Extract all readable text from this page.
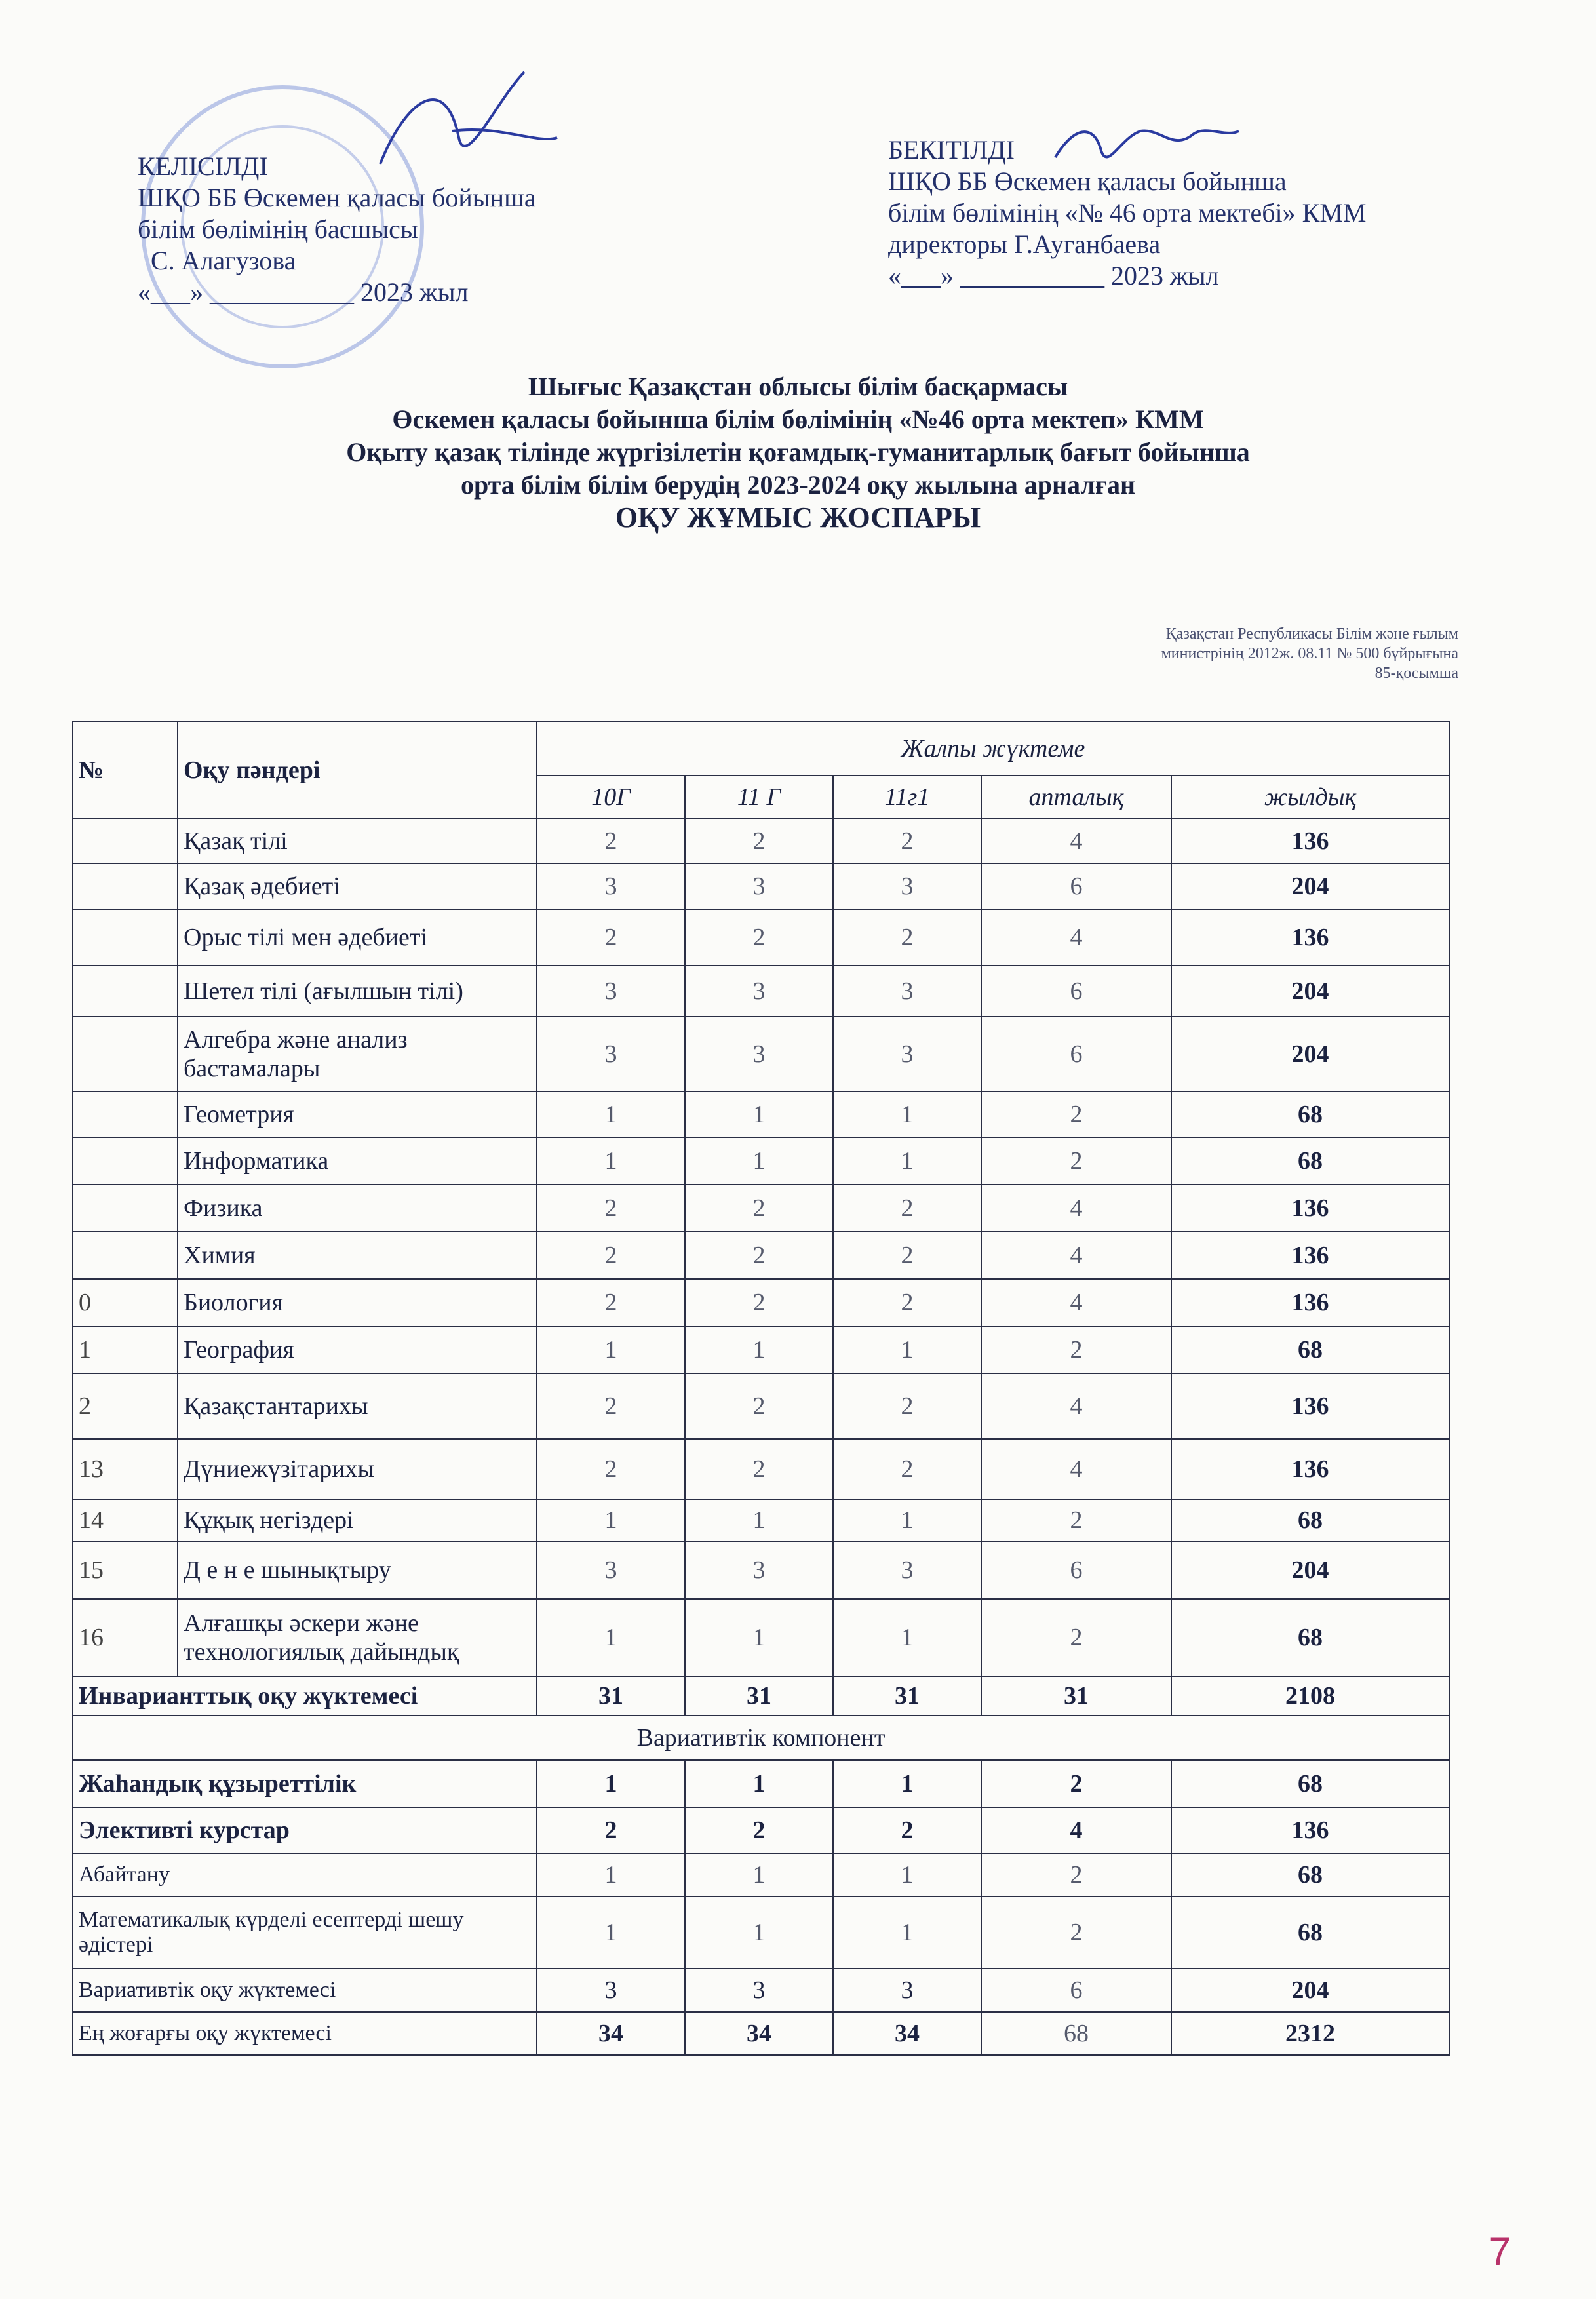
КЕЛІСІЛДІ
ШҚО ББ Өскемен қаласы бойынша
білім бөлімінің басшысы
С. Алагузова
«___» ___________ 2023 жыл
БЕКІТІЛДІ
ШҚО ББ Өскемен қаласы бойынша
білім бөлімінің «№ 46 орта мектебі» КММ
директоры Г.Ауганбаева
«___» ___________ 2023 жыл
Шығыс Қазақстан облысы білім басқармасы
Өскемен қаласы бойынша білім бөлімінің «№46 орта мектеп» КММ
Оқыту қазақ тілінде жүргізілетін қоғамдық-гуманитарлық бағыт бойынша
орта білім білім берудің 2023-2024 оқу жылына арналған
ОҚУ ЖҰМЫС ЖОСПАРЫ
Қазақстан Республикасы Білім және ғылым
министрінің 2012ж. 08.11 № 500 бұйрығына
85-қосымша
№	Оқу пәндері	Жалпы жүктеме				
		10Г	11 Г	11г1	апталық	жылдық
	Қазақ тілі	2	2	2	4	136
	Қазақ әдебиеті	3	3	3	6	204
	Орыс тілі мен әдебиеті	2	2	2	4	136
	Шетел тілі (ағылшын тілі)	3	3	3	6	204
	Алгебра және анализ бастамалары	3	3	3	6	204
	Геометрия	1	1	1	2	68
	Информатика	1	1	1	2	68
	Физика	2	2	2	4	136
	Химия	2	2	2	4	136
0	Биология	2	2	2	4	136
1	География	1	1	1	2	68
2	Қазақстантарихы	2	2	2	4	136
13	Дүниежүзітарихы	2	2	2	4	136
14	Құқық негіздері	1	1	1	2	68
15	Д е н е шынықтыру	3	3	3	6	204
16	Алғашқы әскери және технологиялық дайындық	1	1	1	2	68
Инварианттық оқу жүктемесі		31	31	31	31	2108
Вариативтік компонент						
Жаһандық құзыреттілік		1	1	1	2	68
Элективті курстар		2	2	2	4	136
Абайтану		1	1	1	2	68
Математикалық күрделі есептерді шешу әдістері		1	1	1	2	68
Вариативтік оқу жүктемесі		3	3	3	6	204
Ең жоғарғы оқу жүктемесі		34	34	34	68	2312
7
